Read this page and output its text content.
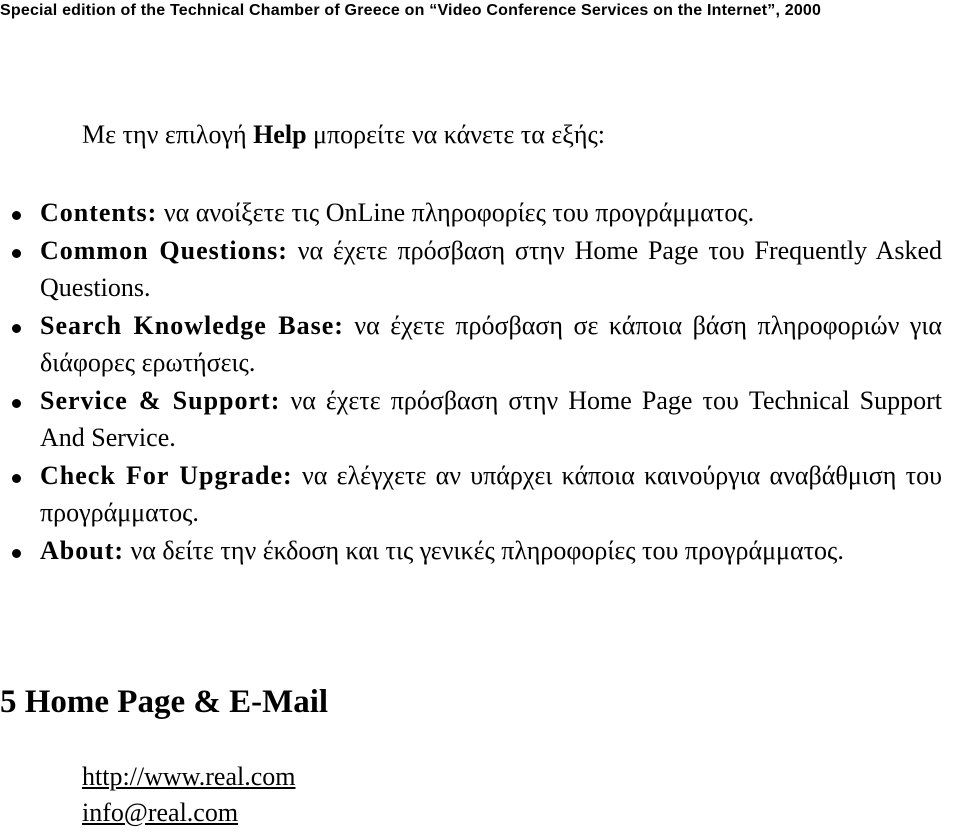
Special edition of the Technical Chamber of Greece on “Video Conference Services on the Internet”, 2000
Με την επιλογή Help μπορείτε να κάνετε τα εξής:
Contents: να ανοίξετε τις OnLine πληροφορίες του προγράμματος.
Common Questions: να έχετε πρόσβαση στην Home Page του Frequently Asked Questions.
Search Knowledge Base: να έχετε πρόσβαση σε κάποια βάση πληροφοριών για διάφορες ερωτήσεις.
Service & Support: να έχετε πρόσβαση στην Home Page του Technical Support And Service.
Check For Upgrade: να ελέγχετε αν υπάρχει κάποια καινούργια αναβάθμιση του προγράμματος.
About: να δείτε την έκδοση και τις γενικές πληροφορίες του προγράμματος.
5 Home Page & E-Mail
http://www.real.com
info@real.com
